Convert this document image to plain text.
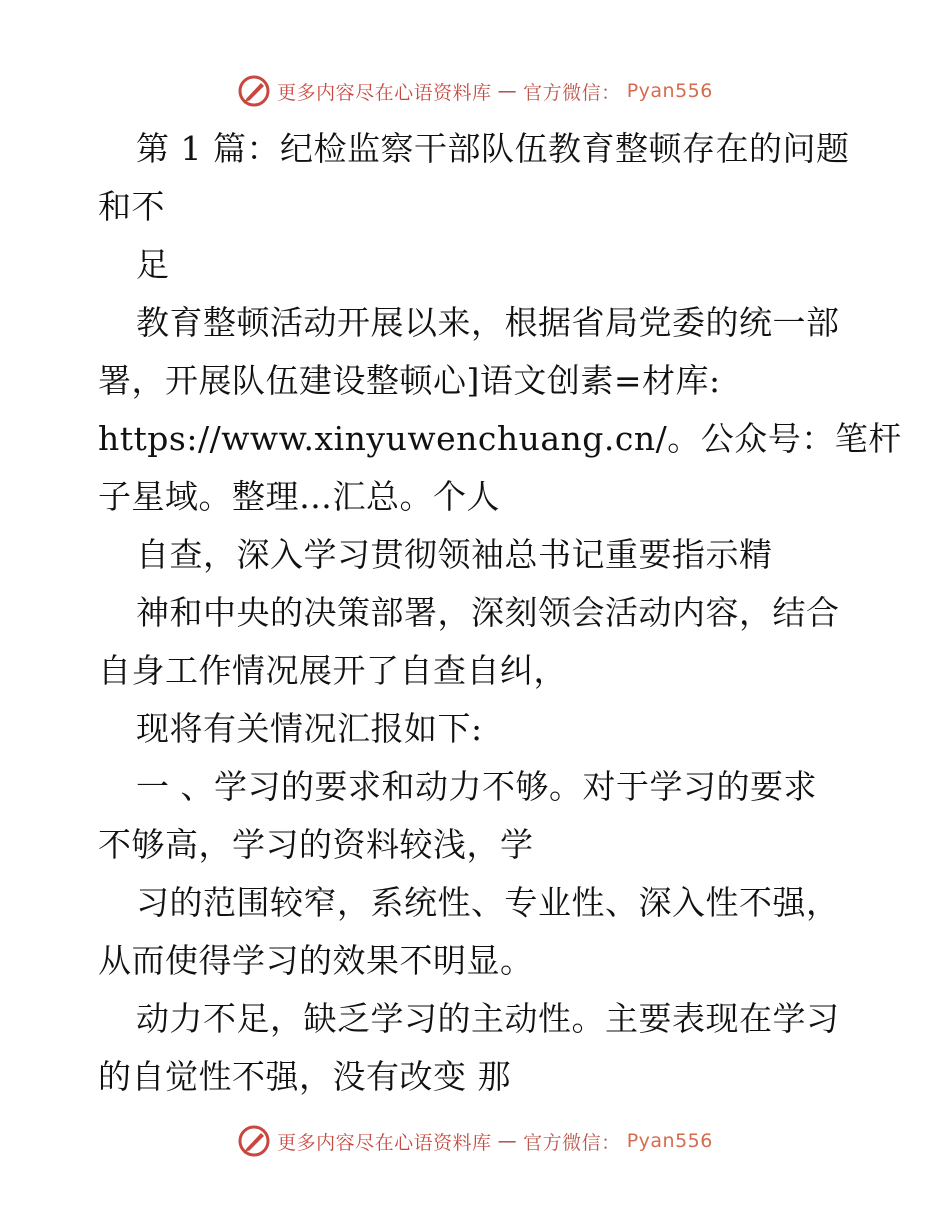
更多内容尽在心语资料库 — 官方微信： Pyan556
第 1 篇：纪检监察干部队伍教育整顿存在的问题
和不
足
教育整顿活动开展以来，根据省局党委的统一部
署，开展队伍建设整顿心]语文创素=材库:
https://www.xinyuwenchuang.cn/。公众号：笔杆
子星域。整理…汇总。个人
自查，深入学习贯彻领袖总书记重要指示精
神和中央的决策部署，深刻领会活动内容，结合
自身工作情况展开了自查自纠，
现将有关情况汇报如下:
一 、学习的要求和动力不够。对于学习的要求
不够高，学习的资料较浅，学
习的范围较窄，系统性、专业性、深入性不强，
从而使得学习的效果不明显。
动力不足，缺乏学习的主动性。主要表现在学习
的自觉性不强，没有改变 那
更多内容尽在心语资料库 — 官方微信： Pyan556
